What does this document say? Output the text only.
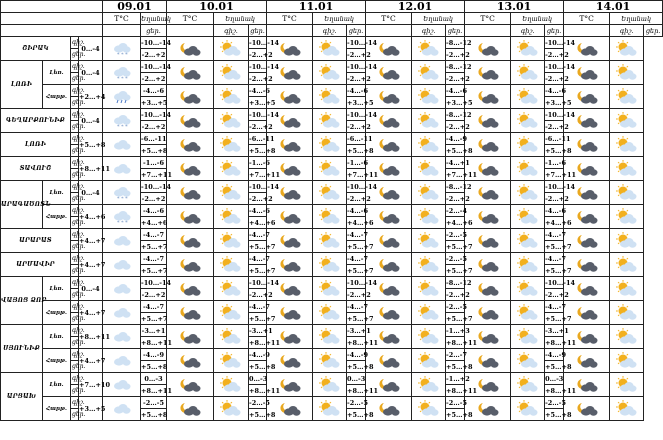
				09.01		10.01			11.01			12.01			13.01			14.01		
				T°C	Եղանակ	T°C	Եղանակ		T°C	Եղանակ		T°C	Եղանակ		T°C	Եղանակ		T°C	Եղանակ	
					ցեր.		գիշ.	ցեր.		գիշ.	ցեր.		գիշ.	ցեր.		գիշ.	ցեր.		գիշ.	ցեր.
ՇԻՐԱԿ		գիշ.	0…-4	* * *	-10…-14			-10…-14			-10…-14			-8…-12			-10…-14	

		ցեր.			-2…+2			-2…+2			-2…+2			-2…+2			-2…+2			
ԼՈՌԻ	Լեռ.	գիշ.	0…-4	* * *	-10…-14			-10…-14			-10…-14			-8…-12			-10…-14	

		ցեր.			-2…+2			-2…+2			-2…+2			-2…+2			-2…+2			
	Հարթ.	գիշ.	+2…+4		-4…-6			-4…-6			-4…-6			-4…-6			-4…-6	

		ցեր.			+3…+5			+3…+5			+3…+5			+3…+5			+3…+5			
ԳԵՂԱՐՔՈՒՆԻՔ		գիշ.	0…-4	* * *	-10…-14			-10…-14			-10…-14			-8…-12			-10…-14	

		ցեր.			-2…+2			-2…+2			-2…+2			-2…+2			-2…+2			
ԼՈՌԻ		գիշ.	+5…+8		-6…-11			-6…-11			-6…-11			-4…-9			-6…-11	

		ցեր.			+5…+8			+5…+8			+5…+8			+5…+8			+5…+8			
ՏԱՎՈՒՇ		գիշ.	+8…+11		-1…-6			-1…-6			-1…-6			-4…+1			-1…-6	

		ցեր.			+7…+11			+7…+11			+7…+11			+7…+11			+7…+11			
ԱՐԱԳԱԾՈՏՆ	Լեռ.	գիշ.	0…-4	* * *	-10…-14			-10…-14			-10…-14			-8…-12			-10…-14	

		ցեր.			-2…+2			-2…+2			-2…+2			-2…+2			-2…+2			
	Հարթ.	գիշ.	+4…+6	* * *	-4…-6			-4…-6			-4…-6			-2…-4			-4…-6	

		ցեր.			+4…+6			+4…+6			+4…+6			+4…+6			+4…+6			
ԱՐԱՐԱՏ		գիշ.	+4…+7		-4…-7			-4…-7			-4…-7			-2…-5			-4…-7	

		ցեր.			+5…+7			+5…+7			+5…+7			+5…+7			+5…+7			
ԱՐՄԱՎԻՐ		գիշ.	+4…+7		-4…-7			-4…-7			-4…-7			-2…-5			-4…-7	

		ցեր.			+5…+7			+5…+7			+5…+7			+5…+7			+5…+7			
ՎԱՅՈՑ ՁՈՐ	Լեռ.	գիշ.	0…-4		-10…-14			-10…-14			-10…-14			-8…-12			-10…-14	

		ցեր.			-2…+2			-2…+2			-2…+2			-2…+2			-2…+2			
	Հարթ.	գիշ.	+4…+7		-4…-7			-4…-7			-4…-7			-2…-5			-4…-7	

		ցեր.			+5…+7			+5…+7			+5…+7			+5…+7			+5…+7			
ՍՅՈՒՆԻՔ	Լեռ.	գիշ.	+8…+11		-3…+1			-3…+1			-3…+1			-1…+3			-3…+1	

		ցեր.			+8…+11			+8…+11			+8…+11			+8…+11			+8…+11			
	Հարթ.	գիշ.	+4…+7		-4…-9			-4…-9			-4…-9			-2…-7			-4…-9	

		ցեր.			+5…+8			+5…+8			+5…+8			+5…+8			+5…+8			
ԱՐՑԱԽ	Լեռ.	գիշ.	+7…+10		0…-3			0…-3			0…-3			-1…+2			0…-3	

		ցեր.			+8…+11			+8…+11			+8…+11			+8…+11			+8…+11			
	Հարթ.	գիշ.	+3…+5		-2…-5			-2…-5			-2…-5			-2…-5			-2…-5	

		ցեր.			+5…+8			+5…+8			+5…+8			+5…+8			+5…+8			
